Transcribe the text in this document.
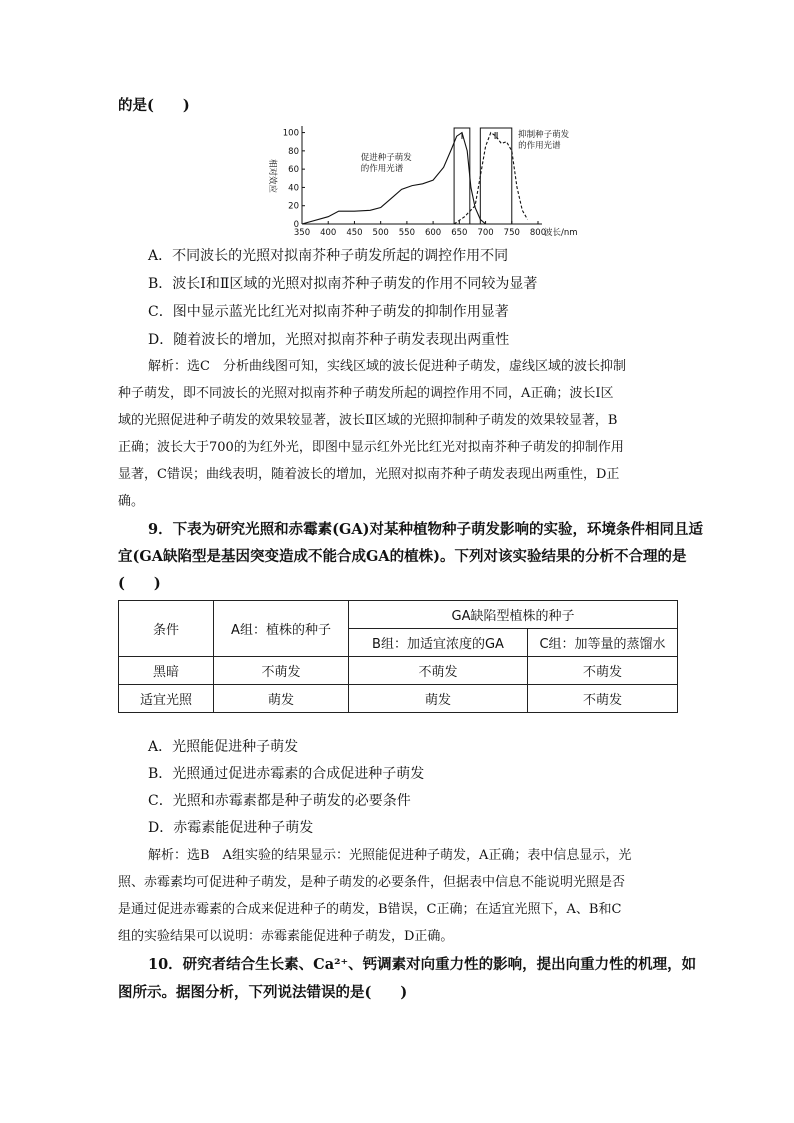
的是(　　)
0
20
40
60
80
100
350 400 450 500 550 600 650 700 750 800
波长/nm
相对效应
Ⅰ	Ⅱ
促进种子萌发
的作用光谱
抑制种子萌发
的作用光谱
A．不同波长的光照对拟南芥种子萌发所起的调控作用不同
B．波长Ⅰ和Ⅱ区域的光照对拟南芥种子萌发的作用不同较为显著
C．图中显示蓝光比红光对拟南芥种子萌发的抑制作用显著
D．随着波长的增加，光照对拟南芥种子萌发表现出两重性
解析：选C　分析曲线图可知，实线区域的波长促进种子萌发，虚线区域的波长抑制
种子萌发，即不同波长的光照对拟南芥种子萌发所起的调控作用不同，A正确；波长Ⅰ区
域的光照促进种子萌发的效果较显著，波长Ⅱ区域的光照抑制种子萌发的效果较显著，B
正确；波长大于700的为红外光，即图中显示红外光比红光对拟南芥种子萌发的抑制作用
显著，C错误；曲线表明，随着波长的增加，光照对拟南芥种子萌发表现出两重性，D正
确。
9．下表为研究光照和赤霉素(GA)对某种植物种子萌发影响的实验，环境条件相同且适
宜(GA缺陷型是基因突变造成不能合成GA的植株)。下列对该实验结果的分析不合理的是
(　　)
条件	A组：植株的种子	GA缺陷型植株的种子	
		B组：加适宜浓度的GA	C组：加等量的蒸馏水
黑暗	不萌发	不萌发	不萌发
适宜光照	萌发	萌发	不萌发
A．光照能促进种子萌发
B．光照通过促进赤霉素的合成促进种子萌发
C．光照和赤霉素都是种子萌发的必要条件
D．赤霉素能促进种子萌发
解析：选B　A组实验的结果显示：光照能促进种子萌发，A正确；表中信息显示，光
照、赤霉素均可促进种子萌发，是种子萌发的必要条件，但据表中信息不能说明光照是否
是通过促进赤霉素的合成来促进种子的萌发，B错误，C正确；在适宜光照下，A、B和C
组的实验结果可以说明：赤霉素能促进种子萌发，D正确。
10．研究者结合生长素、Ca²⁺、钙调素对向重力性的影响，提出向重力性的机理，如
图所示。据图分析，下列说法错误的是(　　)
